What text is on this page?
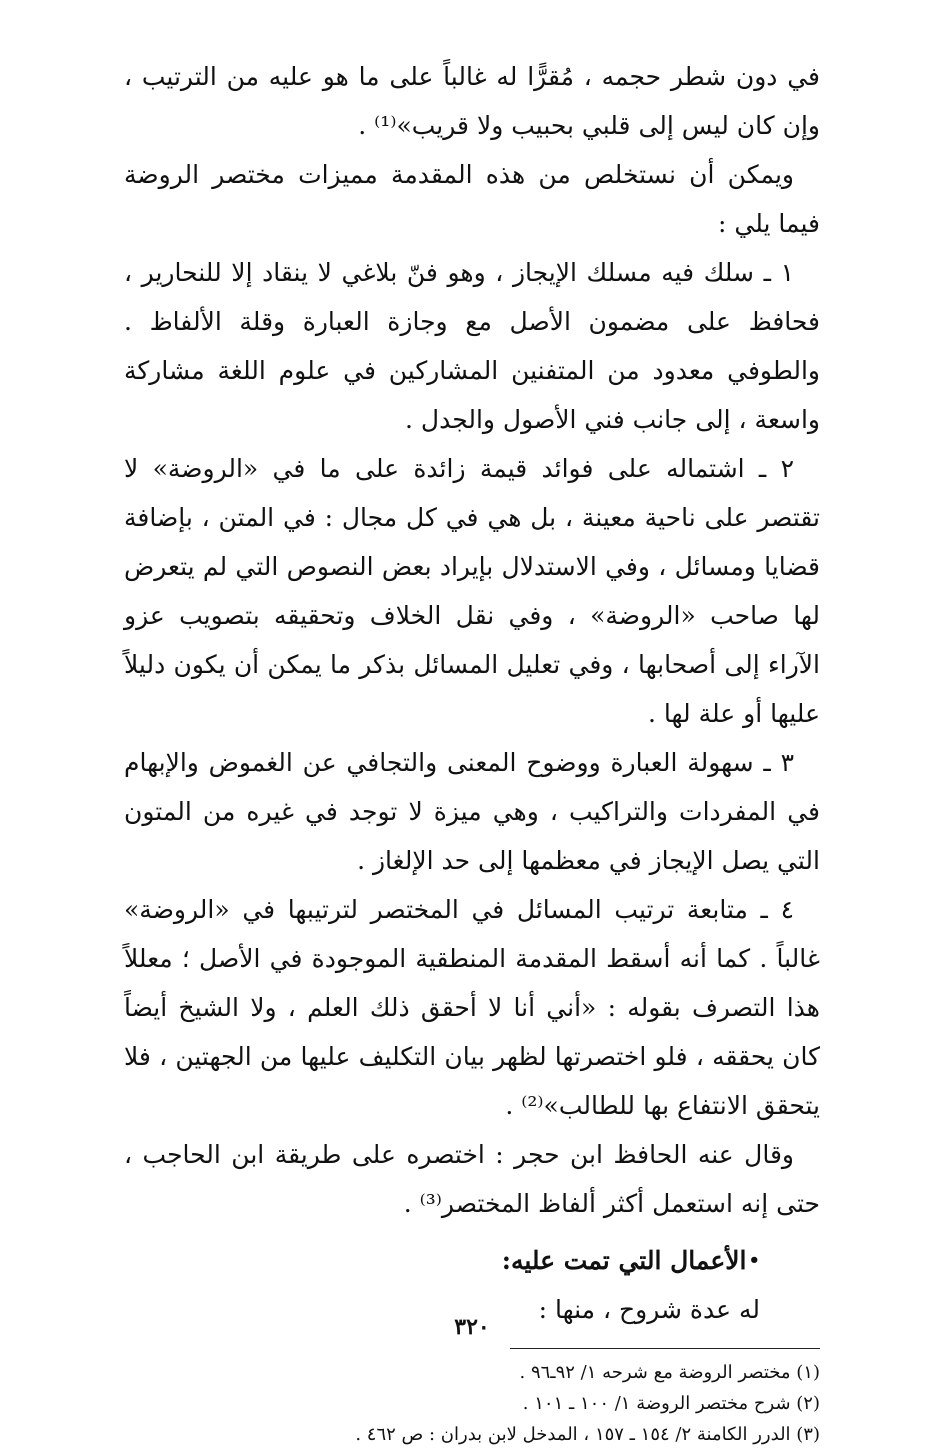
في دون شطر حجمه ، مُقرًّا له غالباً على ما هو عليه من الترتيب ، وإن كان ليس إلى قلبي بحبيب ولا قريب»⁽¹⁾ .

ويمكن أن نستخلص من هذه المقدمة مميزات مختصر الروضة فيما يلي :

١ ـ سلك فيه مسلك الإيجاز ، وهو فنّ بلاغي لا ينقاد إلا للنحارير ، فحافظ على مضمون الأصل مع وجازة العبارة وقلة الألفاظ . والطوفي معدود من المتفنين المشاركين في علوم اللغة مشاركة واسعة ، إلى جانب فني الأصول والجدل .

٢ ـ اشتماله على فوائد قيمة زائدة على ما في «الروضة» لا تقتصر على ناحية معينة ، بل هي في كل مجال : في المتن ، بإضافة قضايا ومسائل ، وفي الاستدلال بإيراد بعض النصوص التي لم يتعرض لها صاحب «الروضة» ، وفي نقل الخلاف وتحقيقه بتصويب عزو الآراء إلى أصحابها ، وفي تعليل المسائل بذكر ما يمكن أن يكون دليلاً عليها أو علة لها .

٣ ـ سهولة العبارة ووضوح المعنى والتجافي عن الغموض والإبهام في المفردات والتراكيب ، وهي ميزة لا توجد في غيره من المتون التي يصل الإيجاز في معظمها إلى حد الإلغاز .

٤ ـ متابعة ترتيب المسائل في المختصر لترتيبها في «الروضة» غالباً . كما أنه أسقط المقدمة المنطقية الموجودة في الأصل ؛ معللاً هذا التصرف بقوله : «أني أنا لا أحقق ذلك العلم ، ولا الشيخ أيضاً كان يحققه ، فلو اختصرتها لظهر بيان التكليف عليها من الجهتين ، فلا يتحقق الانتفاع بها للطالب»⁽²⁾ .

وقال عنه الحافظ ابن حجر : اختصره على طريقة ابن الحاجب ، حتى إنه استعمل أكثر ألفاظ المختصر⁽³⁾ .

•الأعمال التي تمت عليه:

له عدة شروح ، منها :

(١) مختصر الروضة مع شرحه ١/ ٩٢ـ٩٦ .

(٢) شرح مختصر الروضة ١/ ١٠٠ ـ ١٠١ .

(٣) الدرر الكامنة ٢/ ١٥٤ ـ ١٥٧ ، المدخل لابن بدران : ص ٤٦٢ .

٣٢٠
